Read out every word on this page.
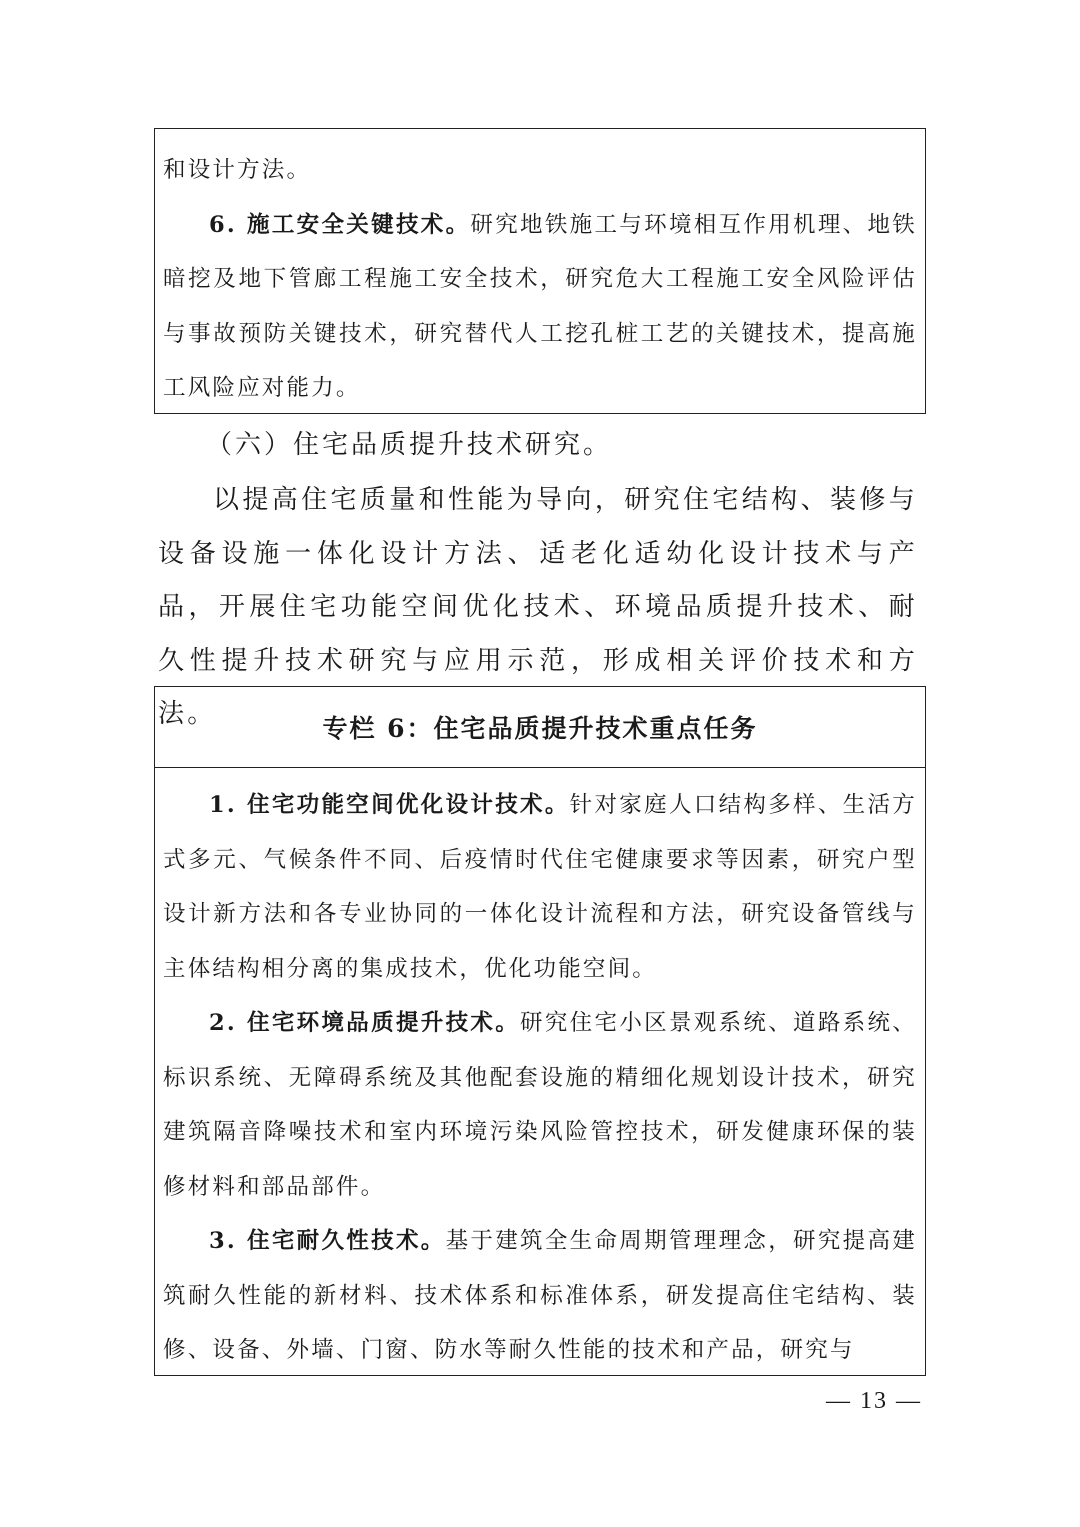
和设计方法。

6. 施工安全关键技术。研究地铁施工与环境相互作用机理、地铁暗挖及地下管廊工程施工安全技术，研究危大工程施工安全风险评估与事故预防关键技术，研究替代人工挖孔桩工艺的关键技术，提高施工风险应对能力。

（六）住宅品质提升技术研究。

以提高住宅质量和性能为导向，研究住宅结构、装修与设备设施一体化设计方法、适老化适幼化设计技术与产品，开展住宅功能空间优化技术、环境品质提升技术、耐久性提升技术研究与应用示范，形成相关评价技术和方法。	专栏 6：住宅品质提升技术重点任务

1. 住宅功能空间优化设计技术。针对家庭人口结构多样、生活方式多元、气候条件不同、后疫情时代住宅健康要求等因素，研究户型设计新方法和各专业协同的一体化设计流程和方法，研究设备管线与主体结构相分离的集成技术，优化功能空间。

2. 住宅环境品质提升技术。研究住宅小区景观系统、道路系统、标识系统、无障碍系统及其他配套设施的精细化规划设计技术，研究建筑隔音降噪技术和室内环境污染风险管控技术，研发健康环保的装修材料和部品部件。

3. 住宅耐久性技术。基于建筑全生命周期管理理念，研究提高建筑耐久性能的新材料、技术体系和标准体系，研发提高住宅结构、装修、设备、外墙、门窗、防水等耐久性能的技术和产品，研究与

— 13 —
